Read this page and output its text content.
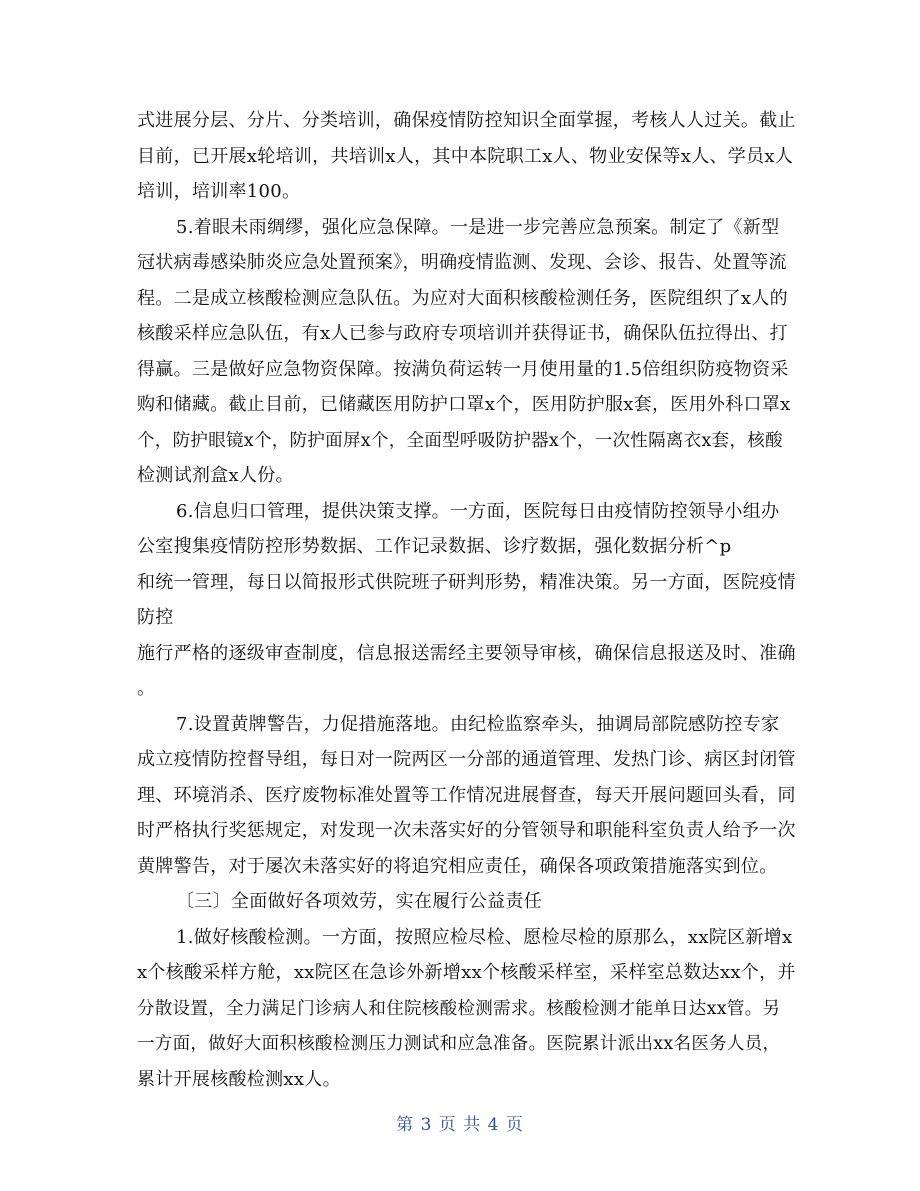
式进展分层、分片、分类培训，确保疫情防控知识全面掌握，考核人人过关。截止
目前，已开展x轮培训，共培训x人，其中本院职工x人、物业安保等x人、学员x人
培训，培训率100。
5.着眼未雨绸缪，强化应急保障。一是进一步完善应急预案。制定了《新型
冠状病毒感染肺炎应急处置预案》，明确疫情监测、发现、会诊、报告、处置等流
程。二是成立核酸检测应急队伍。为应对大面积核酸检测任务，医院组织了x人的
核酸采样应急队伍，有x人已参与政府专项培训并获得证书，确保队伍拉得出、打
得赢。三是做好应急物资保障。按满负荷运转一月使用量的1.5倍组织防疫物资采
购和储藏。截止目前，已储藏医用防护口罩x个，医用防护服x套，医用外科口罩x
个，防护眼镜x个，防护面屏x个，全面型呼吸防护器x个，一次性隔离衣x套，核酸
检测试剂盒x人份。
6.信息归口管理，提供决策支撑。一方面，医院每日由疫情防控领导小组办
公室搜集疫情防控形势数据、工作记录数据、诊疗数据，强化数据分析^p
和统一管理，每日以简报形式供院班子研判形势，精准决策。另一方面，医院疫情
防控
施行严格的逐级审查制度，信息报送需经主要领导审核，确保信息报送及时、准确
。
7.设置黄牌警告，力促措施落地。由纪检监察牵头，抽调局部院感防控专家
成立疫情防控督导组，每日对一院两区一分部的通道管理、发热门诊、病区封闭管
理、环境消杀、医疗废物标准处置等工作情况进展督查，每天开展问题回头看，同
时严格执行奖惩规定，对发现一次未落实好的分管领导和职能科室负责人给予一次
黄牌警告，对于屡次未落实好的将追究相应责任，确保各项政策措施落实到位。
〔三〕全面做好各项效劳，实在履行公益责任
1.做好核酸检测。一方面，按照应检尽检、愿检尽检的原那么，xx院区新增x
x个核酸采样方舱，xx院区在急诊外新增xx个核酸采样室，采样室总数达xx个，并
分散设置，全力满足门诊病人和住院核酸检测需求。核酸检测才能单日达xx管。另
一方面，做好大面积核酸检测压力测试和应急准备。医院累计派出xx名医务人员，
累计开展核酸检测xx人。
第 3 页 共 4 页
